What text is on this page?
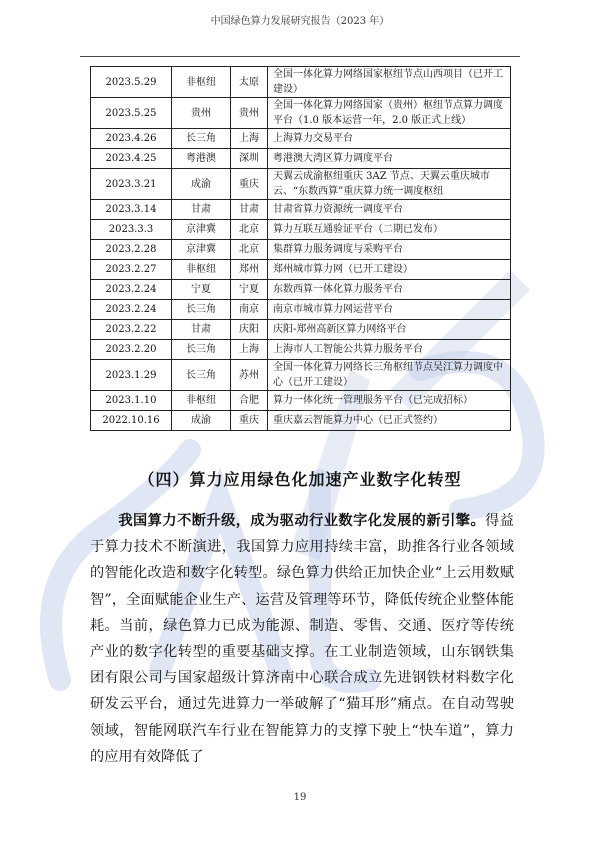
中国绿色算力发展研究报告（2023 年）
2023.5.29	非枢纽	太原	全国一体化算力网络国家枢纽节点山西项目（已开工建设）
2023.5.25	贵州	贵州	全国一体化算力网络国家（贵州）枢纽节点算力调度平台（1.0 版本运营一年，2.0 版正式上线）
2023.4.26	长三角	上海	上海算力交易平台
2023.4.25	粤港澳	深圳	粤港澳大湾区算力调度平台
2023.3.21	成渝	重庆	天翼云成渝枢纽重庆 3AZ 节点、天翼云重庆城市云、“东数西算”重庆算力统一调度枢纽
2023.3.14	甘肃	甘肃	甘肃省算力资源统一调度平台
2023.3.3	京津冀	北京	算力互联互通验证平台（二期已发布）
2023.2.28	京津冀	北京	集群算力服务调度与采购平台
2023.2.27	非枢纽	郑州	郑州城市算力网（已开工建设）
2023.2.24	宁夏	宁夏	东数西算一体化算力服务平台
2023.2.24	长三角	南京	南京市城市算力网运营平台
2023.2.22	甘肃	庆阳	庆阳-郑州高新区算力网络平台
2023.2.20	长三角	上海	上海市人工智能公共算力服务平台
2023.1.29	长三角	苏州	全国一体化算力网络长三角枢纽节点吴江算力调度中心（已开工建设）
2023.1.10	非枢纽	合肥	算力一体化统一管理服务平台（已完成招标）
2022.10.16	成渝	重庆	重庆嘉云智能算力中心（已正式签约）
（四）算力应用绿色化加速产业数字化转型
我国算力不断升级，成为驱动行业数字化发展的新引擎。得益于算力技术不断演进，我国算力应用持续丰富，助推各行业各领域的智能化改造和数字化转型。绿色算力供给正加快企业“上云用数赋智”，全面赋能企业生产、运营及管理等环节，降低传统企业整体能耗。当前，绿色算力已成为能源、制造、零售、交通、医疗等传统产业的数字化转型的重要基础支撑。在工业制造领域，山东钢铁集团有限公司与国家超级计算济南中心联合成立先进钢铁材料数字化研发云平台，通过先进算力一举破解了“猫耳形”痛点。在自动驾驶领域，智能网联汽车行业在智能算力的支撑下驶上“快车道”，算力的应用有效降低了
19
